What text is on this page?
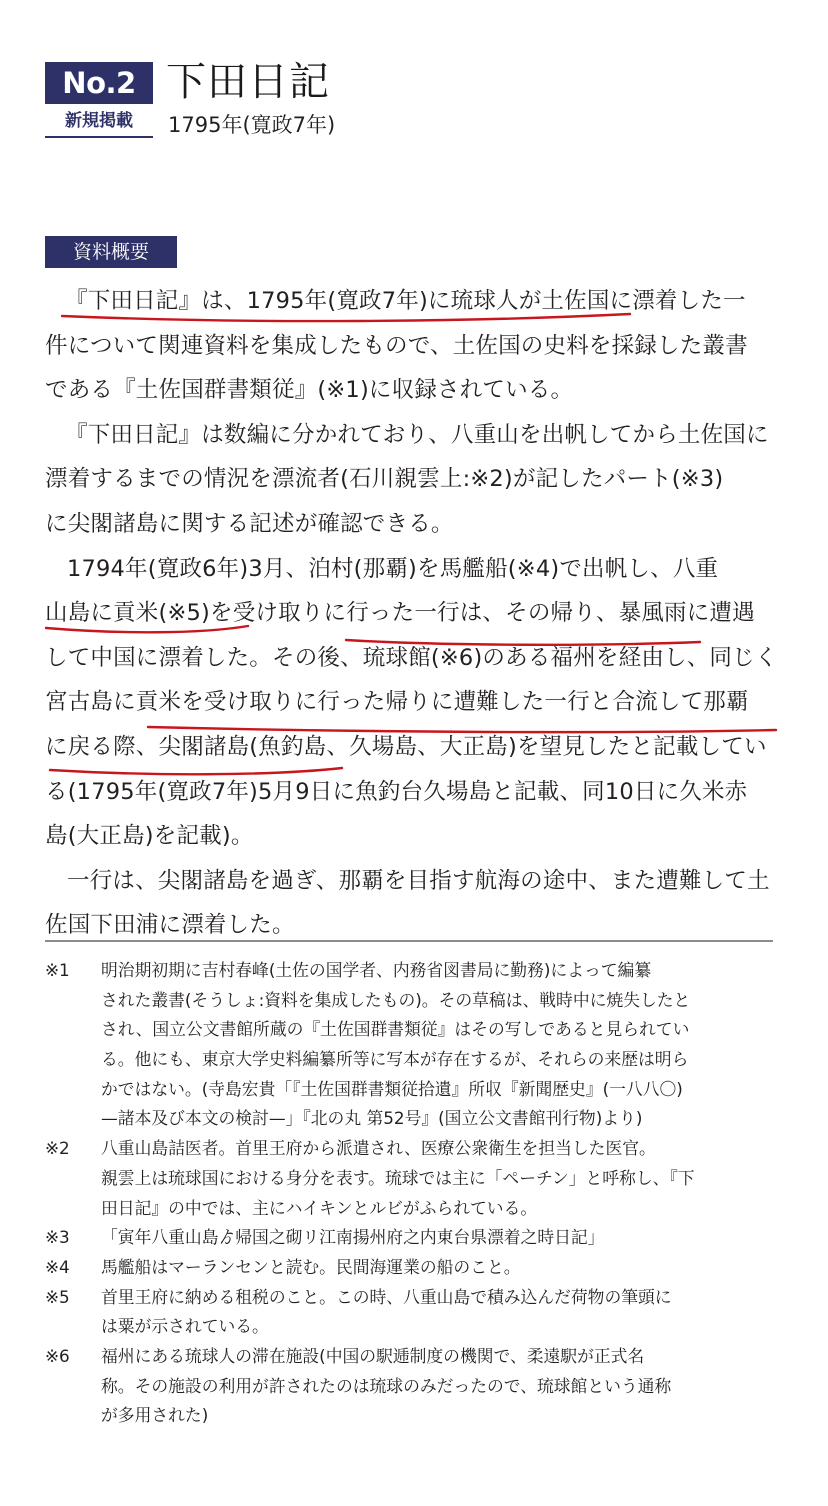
No.2
新規掲載
下田日記
1795年(寛政7年)
資料概要
『下田日記』は、1795年(寛政7年)に琉球人が土佐国に漂着した一
件について関連資料を集成したもので、土佐国の史料を採録した叢書
である『土佐国群書類従』(※1)に収録されている。
『下田日記』は数編に分かれており、八重山を出帆してから土佐国に
漂着するまでの情況を漂流者(石川親雲上:※2)が記したパート(※3)
に尖閣諸島に関する記述が確認できる。
1794年(寛政6年)3月、泊村(那覇)を馬艦船(※4)で出帆し、八重
山島に貢米(※5)を受け取りに行った一行は、その帰り、暴風雨に遭遇
して中国に漂着した。その後、琉球館(※6)のある福州を経由し、同じく
宮古島に貢米を受け取りに行った帰りに遭難した一行と合流して那覇
に戻る際、尖閣諸島(魚釣島、久場島、大正島)を望見したと記載してい
る(1795年(寛政7年)5月9日に魚釣台久場島と記載、同10日に久米赤
島(大正島)を記載)。
一行は、尖閣諸島を過ぎ、那覇を目指す航海の途中、また遭難して土
佐国下田浦に漂着した。
※1	明治期初期に吉村春峰(土佐の国学者、内務省図書局に勤務)によって編纂
された叢書(そうしょ:資料を集成したもの)。その草稿は、戦時中に焼失したと
され、国立公文書館所蔵の『土佐国群書類従』はその写しであると見られてい
る。他にも、東京大学史料編纂所等に写本が存在するが、それらの来歴は明ら
かではない。(寺島宏貴「『土佐国群書類従拾遺』所収『新聞歴史』(一八八〇)
—諸本及び本文の検討—」『北の丸 第52号』(国立公文書館刊行物)より)
※2	八重山島詰医者。首里王府から派遣され、医療公衆衛生を担当した医官。
親雲上は琉球国における身分を表す。琉球では主に「ペーチン」と呼称し、『下
田日記』の中では、主にハイキンとルビがふられている。
※3	「寅年八重山島ゟ帰国之砌リ江南揚州府之内東台県漂着之時日記」
※4	馬艦船はマーランセンと読む。民間海運業の船のこと。
※5	首里王府に納める租税のこと。この時、八重山島で積み込んだ荷物の筆頭に
は粟が示されている。
※6	福州にある琉球人の滞在施設(中国の駅逓制度の機関で、柔遠駅が正式名
称。その施設の利用が許されたのは琉球のみだったので、琉球館という通称
が多用された)
